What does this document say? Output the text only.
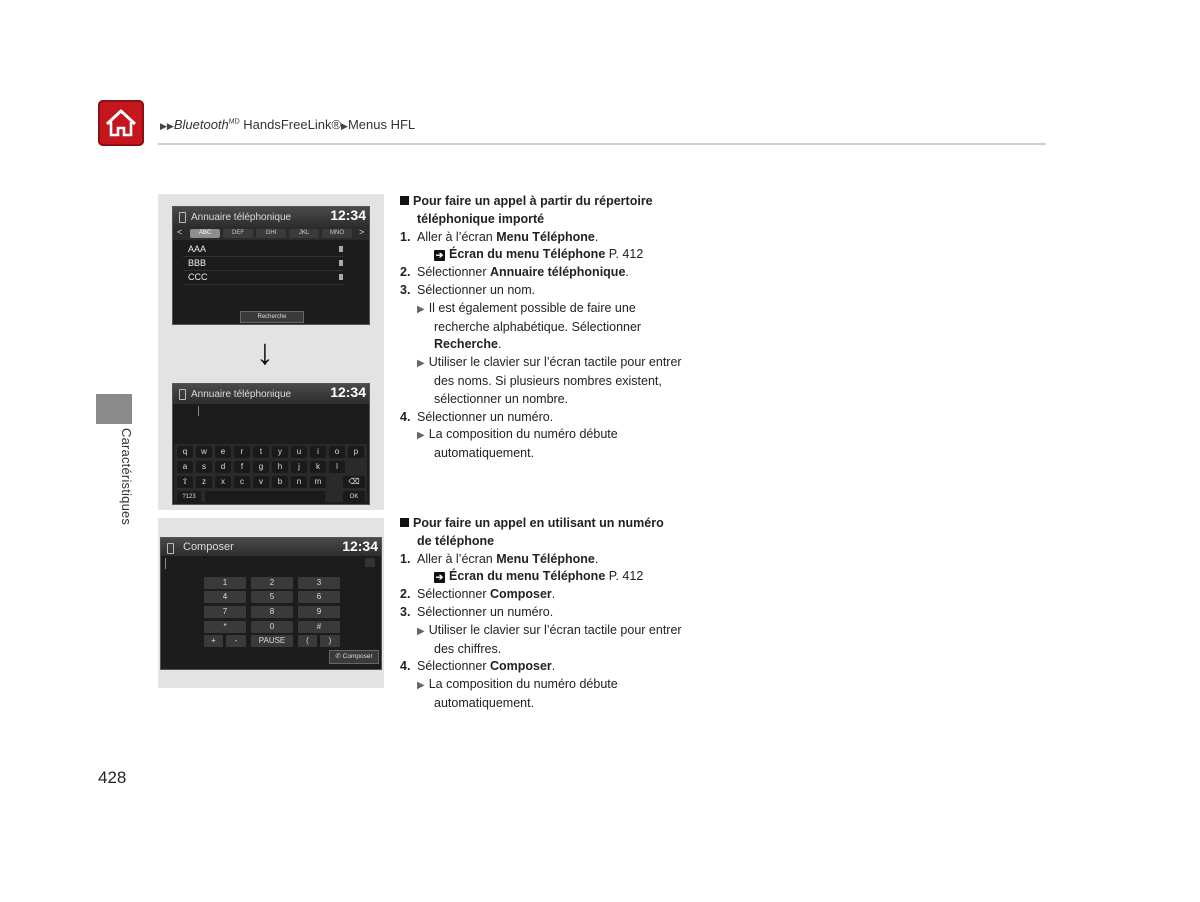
▶▶Bluetooth$^{MD}$ HandsFreeLink®▶Menus HFL
Caractéristiques
Annuaire téléphonique	12:34
<	ABC	DEF	GHI	JKL	MNO	>
AAA
BBB
CCC
Recherche
↓
Annuaire téléphonique	12:34
q	w	e	r	t	y	u	i	o	p
a	s	d	f	g	h	j	k	l
⇧	z	x	c	v	b	n	m	⌫
?123	OK
Composer	12:34
1	2	3
4	5	6
7	8	9
*	0	#
+	-	PAUSE	(	)
✆ Composer
Pour faire un appel à partir du répertoire
téléphonique importé
1. Aller à l’écran Menu Téléphone.
➔ Écran du menu Téléphone P. 412
2. Sélectionner Annuaire téléphonique.
3. Sélectionner un nom.
▶ Il est également possible de faire une
recherche alphabétique. Sélectionner
Recherche.
▶ Utiliser le clavier sur l’écran tactile pour entrer
des noms. Si plusieurs nombres existent,
sélectionner un nombre.
4. Sélectionner un numéro.
▶ La composition du numéro débute
automatiquement.
Pour faire un appel en utilisant un numéro
de téléphone
1. Aller à l’écran Menu Téléphone.
➔ Écran du menu Téléphone P. 412
2. Sélectionner Composer.
3. Sélectionner un numéro.
▶ Utiliser le clavier sur l’écran tactile pour entrer
des chiffres.
4. Sélectionner Composer.
▶ La composition du numéro débute
automatiquement.
428
